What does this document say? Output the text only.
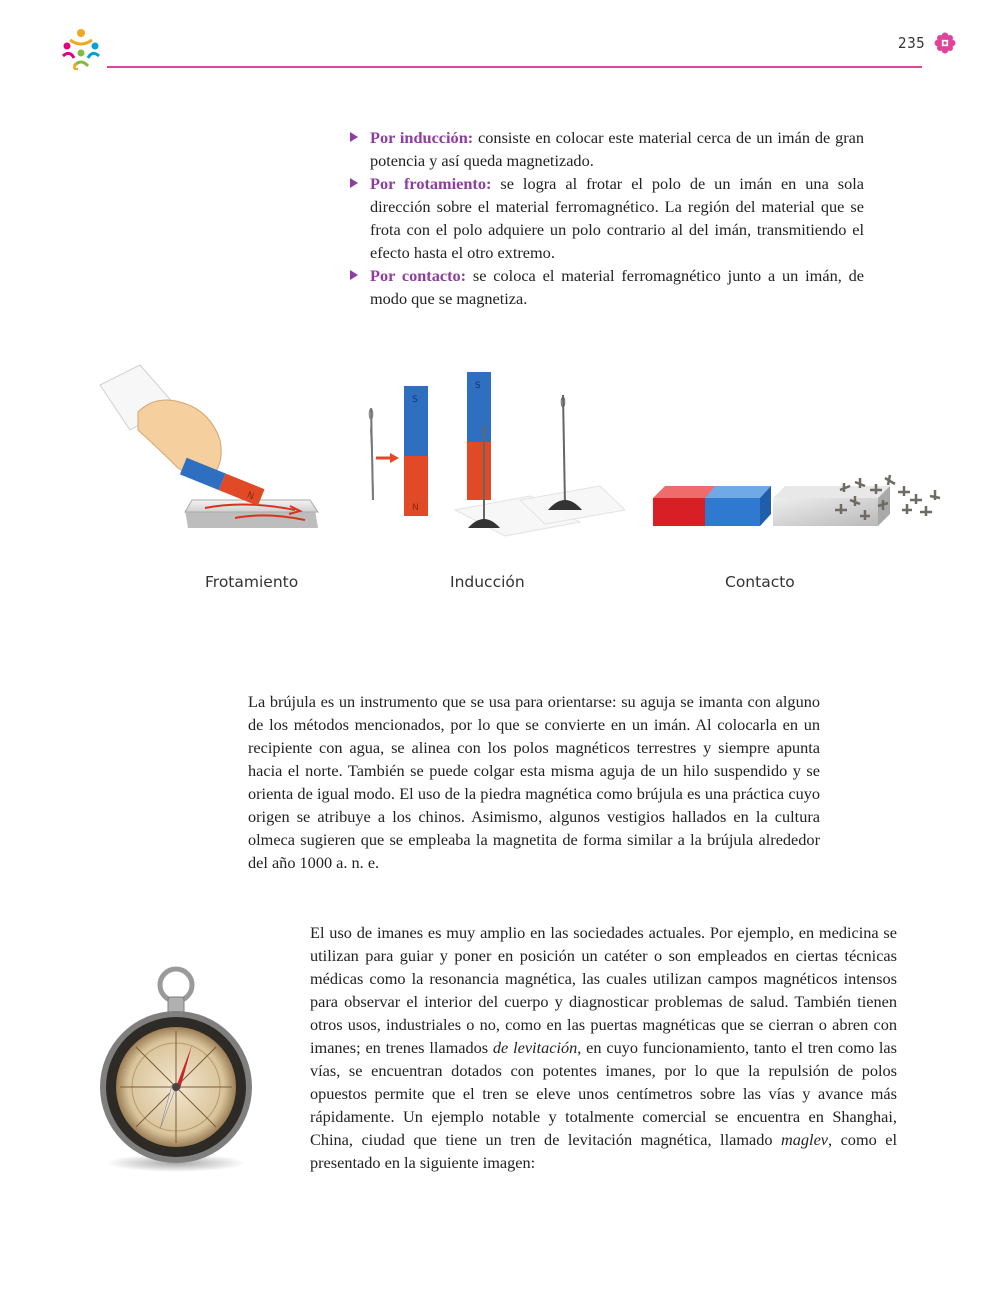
235
Por inducción: consiste en colocar este material cerca de un imán de gran potencia y así queda magnetizado.
Por frotamiento: se logra al frotar el polo de un imán en una sola dirección sobre el material ferromagnético. La región del material que se frota con el polo adquiere un polo contrario al del imán, transmitiendo el efecto hasta el otro extremo.
Por contacto: se coloca el material ferromagnético junto a un imán, de modo que se magnetiza.
N
S
N
S
Frotamiento	Inducción	Contacto

La brújula es un instrumento que se usa para orientarse: su aguja se imanta con alguno de los métodos mencionados, por lo que se convierte en un imán. Al colocarla en un recipiente con agua, se alinea con los polos magnéticos terrestres y siempre apunta hacia el norte. También se puede colgar esta misma aguja de un hilo suspendido y se orienta de igual modo. El uso de la piedra magnética como brújula es una práctica cuyo origen se atribuye a los chinos. Asimismo, algunos vestigios hallados en la cultura olmeca sugieren que se empleaba la magnetita de forma similar a la brújula alrededor del año 1000 a. n. e.

El uso de imanes es muy amplio en las sociedades actuales. Por ejemplo, en medicina se utilizan para guiar y poner en posición un catéter o son empleados en ciertas técnicas médicas como la resonancia magnética, las cuales utilizan campos magnéticos intensos para observar el interior del cuerpo y diagnosticar problemas de salud. También tienen otros usos, industriales o no, como en las puertas magnéticas que se cierran o abren con imanes; en trenes llamados de levitación, en cuyo funcionamiento, tanto el tren como las vías, se encuentran dotados con potentes imanes, por lo que la repulsión de polos opuestos permite que el tren se eleve unos centímetros sobre las vías y avance más rápidamente. Un ejemplo notable y totalmente comercial se encuentra en Shanghai, China, ciudad que tiene un tren de levitación magnética, llamado maglev, como el presentado en la siguiente imagen:
